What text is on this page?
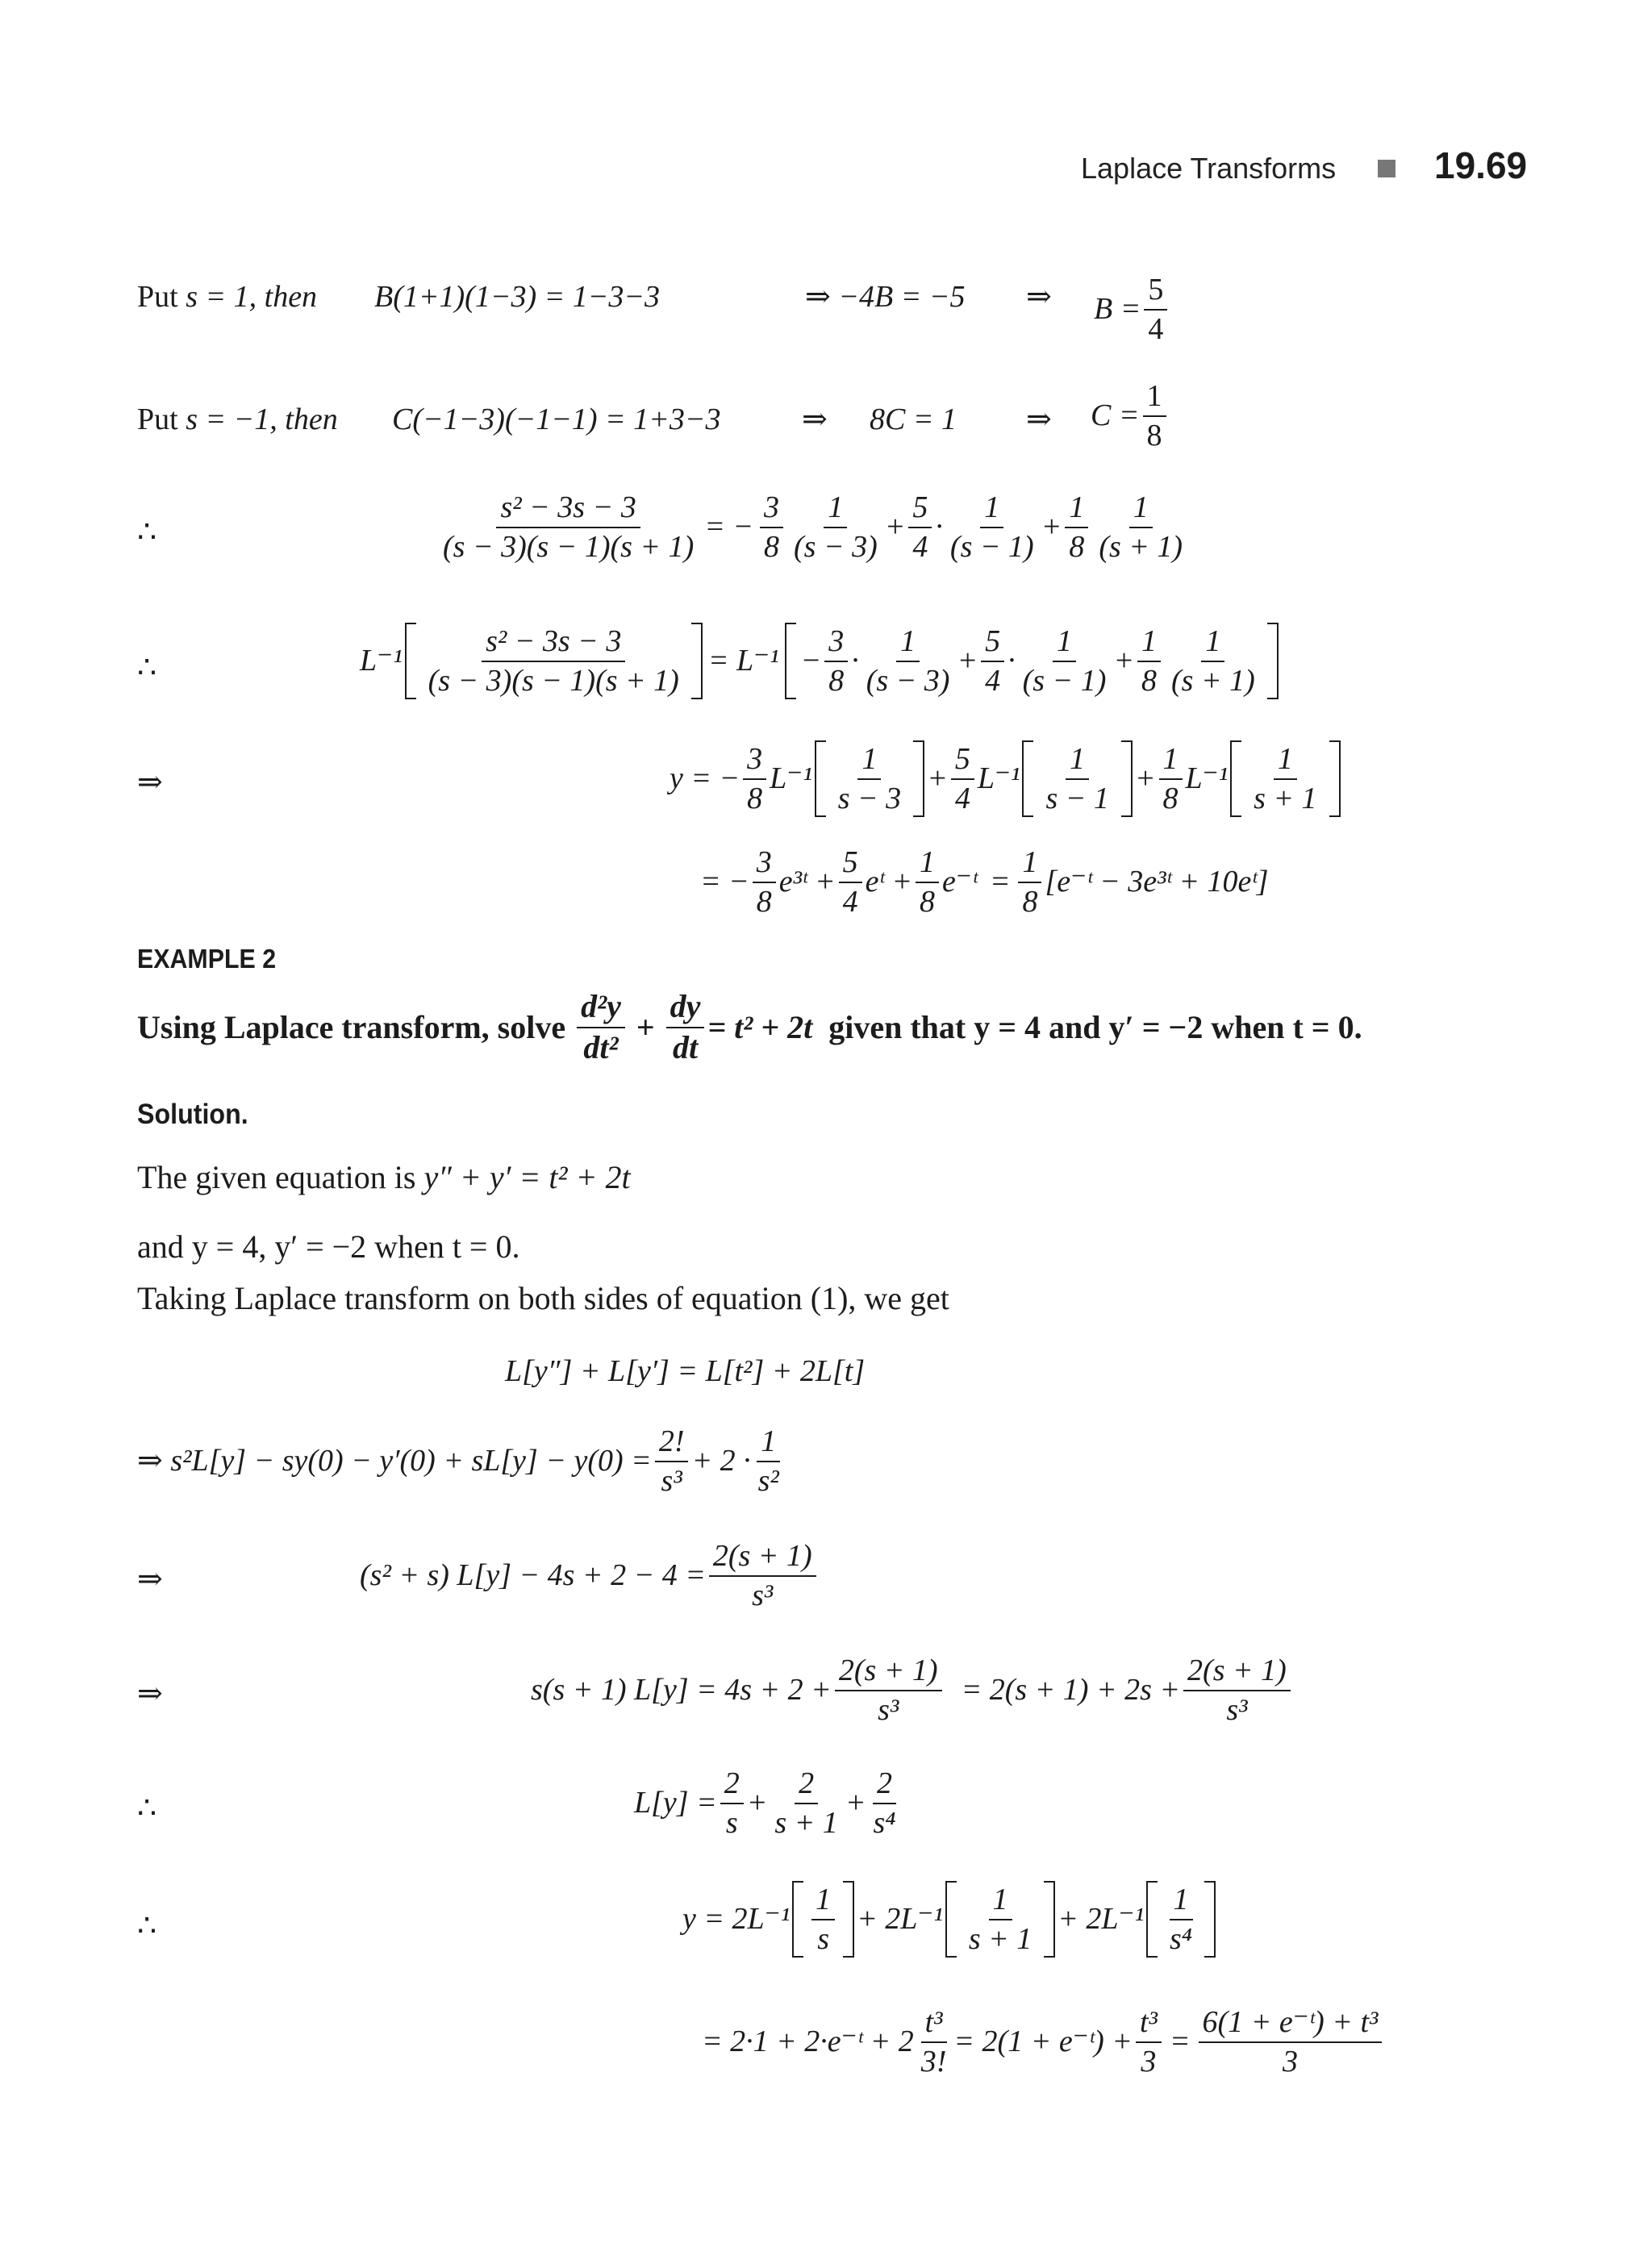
Laplace Transforms	19.69
Put
s = 1, then B(1+1)(1−3) = 1−3−3	⇒ −4B = −5 ⇒ $B = \frac{5}{4}$
Put
s = −1, then C(−1−3)(−1−1) = 1+3−3	⇒ 8C = 1 ⇒ $C = \frac{1}{8}$
∴	$\frac{\text{s² − 3s − 3}}{(s - 3)(s - 1)(s + 1)}$ = − $\frac{3}{8} \frac{1}{(s - 3)} + \frac{5}{4} \cdot \frac{1}{(s - 1)} + \frac{1}{8} \frac{1}{(s + 1)}$
∴	$L^{-1} \frac{\text{s² − 3s − 3}}{(s - 3)(s - 1)(s + 1)} = L^{-1} - \frac{3}{8} \cdot \frac{1}{(s - 3)} + \frac{5}{4} \cdot \frac{1}{(s - 1)} + \frac{1}{8} \frac{1}{(s + 1)}$
⇒	y = − $\frac{3}{8} L^{-1} \frac{1}{s - 3} + \frac{5}{4} L^{-1} \frac{1}{s - 1} + \frac{1}{8} L^{-1} \frac{1}{s + 1}$
= − $\frac{3}{8}$ e³ᵗ
+ $\frac{5}{4}$ eᵗ
+ $\frac{1}{8}$ e⁻ᵗ
= $\frac{1}{8}$ [e⁻ᵗ − 3e³ᵗ + 10eᵗ]
EXAMPLE 2
Using Laplace transform, solve $\frac{\text{d²y}}{\text{dt²}} + \frac{dy}{dt} = t^2 + 2t$ given that y = 4 and y′ = −2 when t = 0.
Solution.
The given equation is
y″ + y′ = t² + 2t
and y = 4, y′ = −2 when t = 0.
Taking Laplace transform on both sides of equation (1), we get
L[y″] + L[y′] = L[t²] + 2L[t]
⇒ $s^2L[y] - sy(0) - y'(0) + sL[y] - y(0) = \frac{2!}{\text{s³}} + 2 \cdot \frac{1}{\text{s²}}$
⇒	(s² + s) $L[y] - 4s + 2 - 4 = \frac{2(s + 1)}{\text{s³}}$
⇒	s(s + 1) $L[y] = 4s + 2 + \frac{2(s + 1)}{\text{s³}} = 2(s + 1) + 2s + \frac{2(s + 1)}{\text{s³}}$
∴	$L[y] = \frac{2}{s} + \frac{2}{s + 1} + \frac{2}{\text{s⁴}}$
∴	$y = 2L^{-1} \frac{1}{s} + 2L^{-1} \frac{1}{s + 1} + 2L^{-1} \frac{1}{\text{s⁴}}$
= 2·1 + 2·e⁻ᵗ + $2 \frac{\text{t³}}{3!} = 2(1$ + e⁻ᵗ) + $\frac{\text{t³}}{3} = \frac{\text{6(1 + e⁻ᵗ) + t³}}{3}$
